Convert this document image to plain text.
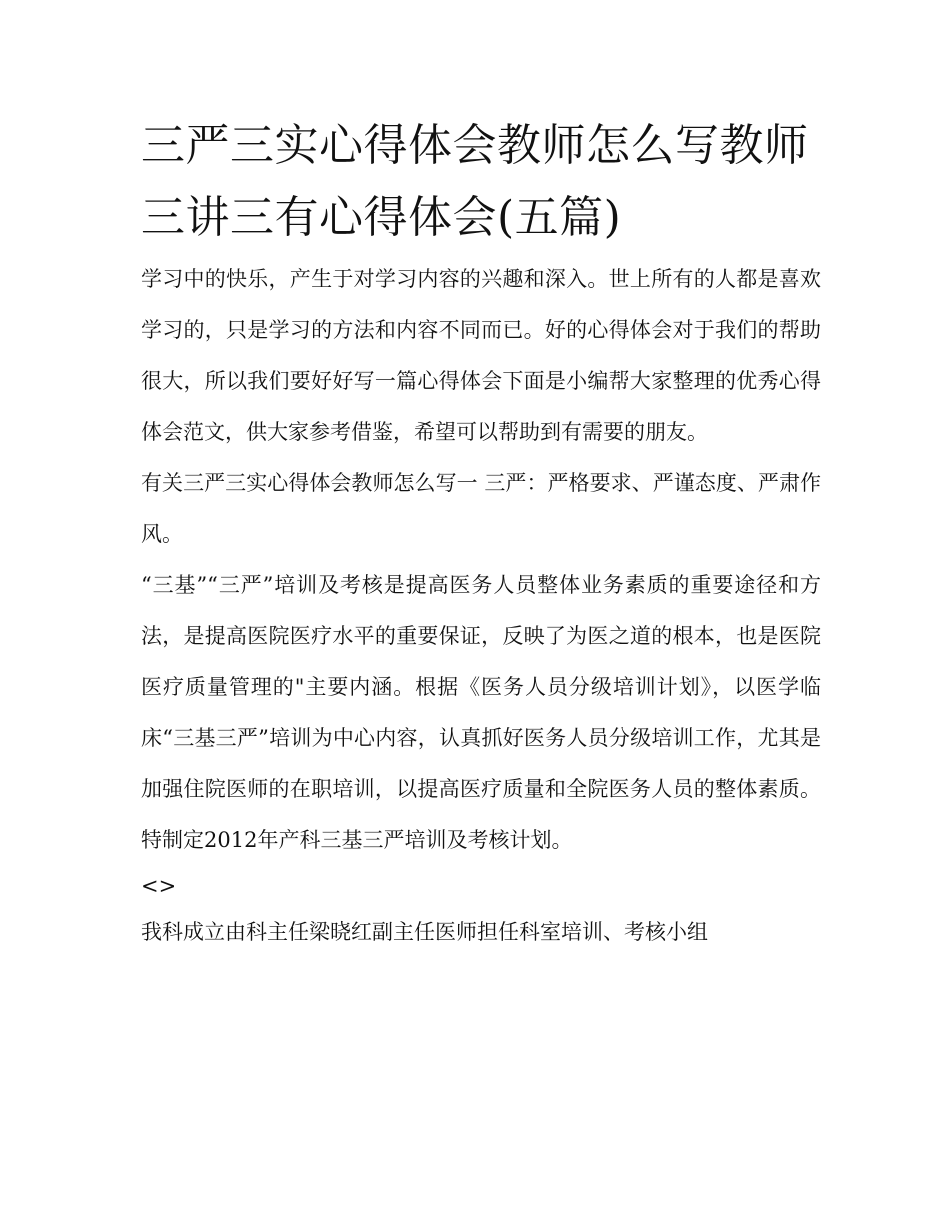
三严三实心得体会教师怎么写教师三讲三有心得体会(五篇)

学习中的快乐，产生于对学习内容的兴趣和深入。世上所有的人都是喜欢学习的，只是学习的方法和内容不同而已。好的心得体会对于我们的帮助很大，所以我们要好好写一篇心得体会下面是小编帮大家整理的优秀心得体会范文，供大家参考借鉴，希望可以帮助到有需要的朋友。

有关三严三实心得体会教师怎么写一 三严：严格要求、严谨态度、严肃作风。

“三基”“三严”培训及考核是提高医务人员整体业务素质的重要途径和方法，是提高医院医疗水平的重要保证，反映了为医之道的根本，也是医院医疗质量管理的"主要内涵。根据《医务人员分级培训计划》，以医学临床“三基三严”培训为中心内容，认真抓好医务人员分级培训工作，尤其是加强住院医师的在职培训，以提高医疗质量和全院医务人员的整体素质。特制定2012年产科三基三严培训及考核计划。

<>

我科成立由科主任梁晓红副主任医师担任科室培训、考核小组
